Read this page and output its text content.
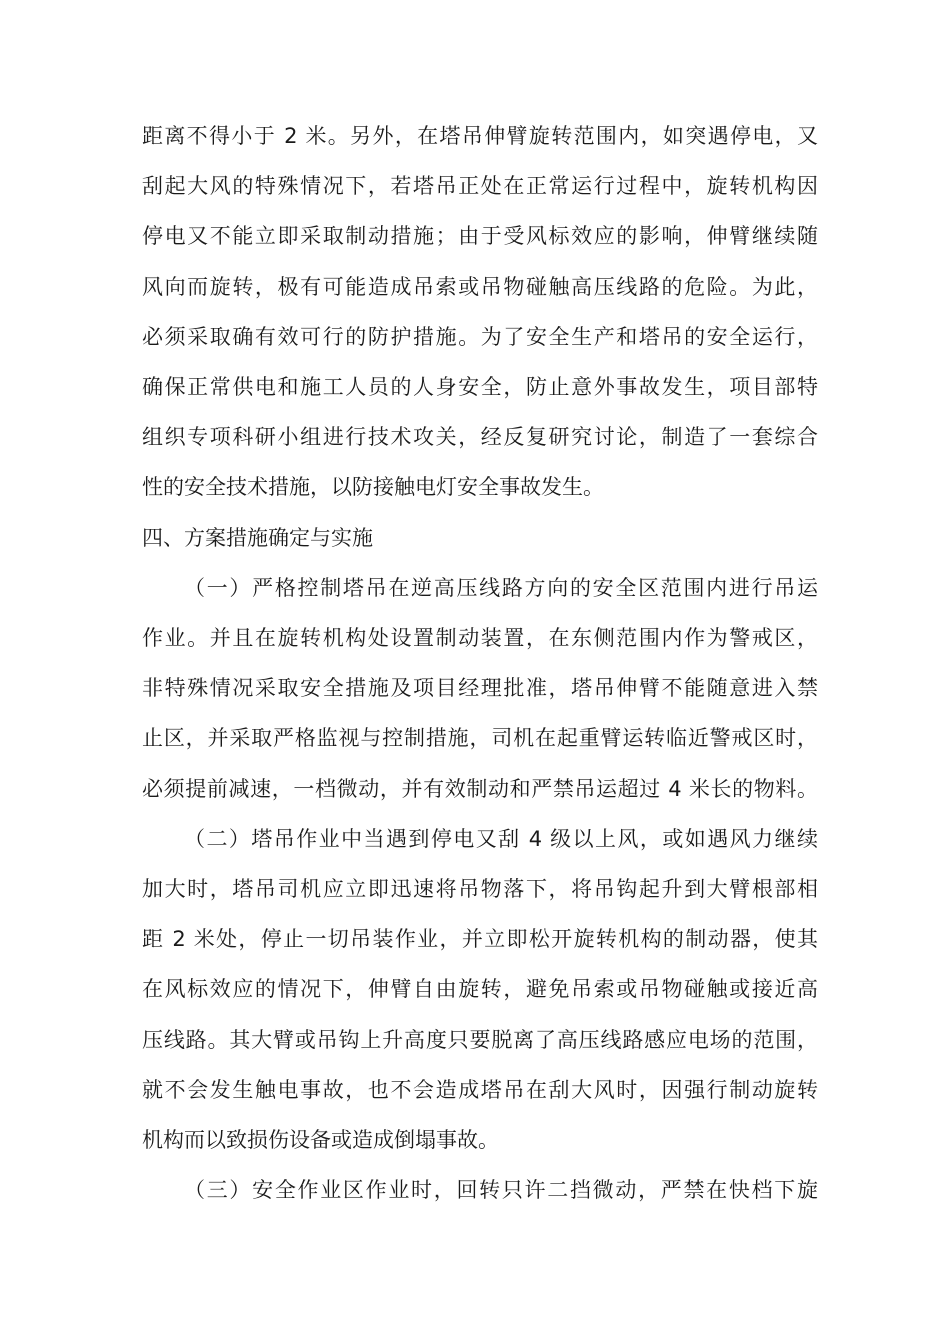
距离不得小于 2 米。另外，在塔吊伸臂旋转范围内，如突遇停电，又
刮起大风的特殊情况下，若塔吊正处在正常运行过程中，旋转机构因
停电又不能立即采取制动措施；由于受风标效应的影响，伸臂继续随
风向而旋转，极有可能造成吊索或吊物碰触高压线路的危险。为此，
必须采取确有效可行的防护措施。为了安全生产和塔吊的安全运行，
确保正常供电和施工人员的人身安全，防止意外事故发生，项目部特
组织专项科研小组进行技术攻关，经反复研究讨论，制造了一套综合
性的安全技术措施，以防接触电灯安全事故发生。
四、方案措施确定与实施
（一）严格控制塔吊在逆高压线路方向的安全区范围内进行吊运
作业。并且在旋转机构处设置制动装置，在东侧范围内作为警戒区，
非特殊情况采取安全措施及项目经理批准，塔吊伸臂不能随意进入禁
止区，并采取严格监视与控制措施，司机在起重臂运转临近警戒区时，
必须提前减速，一档微动，并有效制动和严禁吊运超过 4 米长的物料。
（二）塔吊作业中当遇到停电又刮 4 级以上风，或如遇风力继续
加大时，塔吊司机应立即迅速将吊物落下，将吊钩起升到大臂根部相
距 2 米处，停止一切吊装作业，并立即松开旋转机构的制动器，使其
在风标效应的情况下，伸臂自由旋转，避免吊索或吊物碰触或接近高
压线路。其大臂或吊钩上升高度只要脱离了高压线路感应电场的范围，
就不会发生触电事故，也不会造成塔吊在刮大风时，因强行制动旋转
机构而以致损伤设备或造成倒塌事故。
（三）安全作业区作业时，回转只许二挡微动，严禁在快档下旋
